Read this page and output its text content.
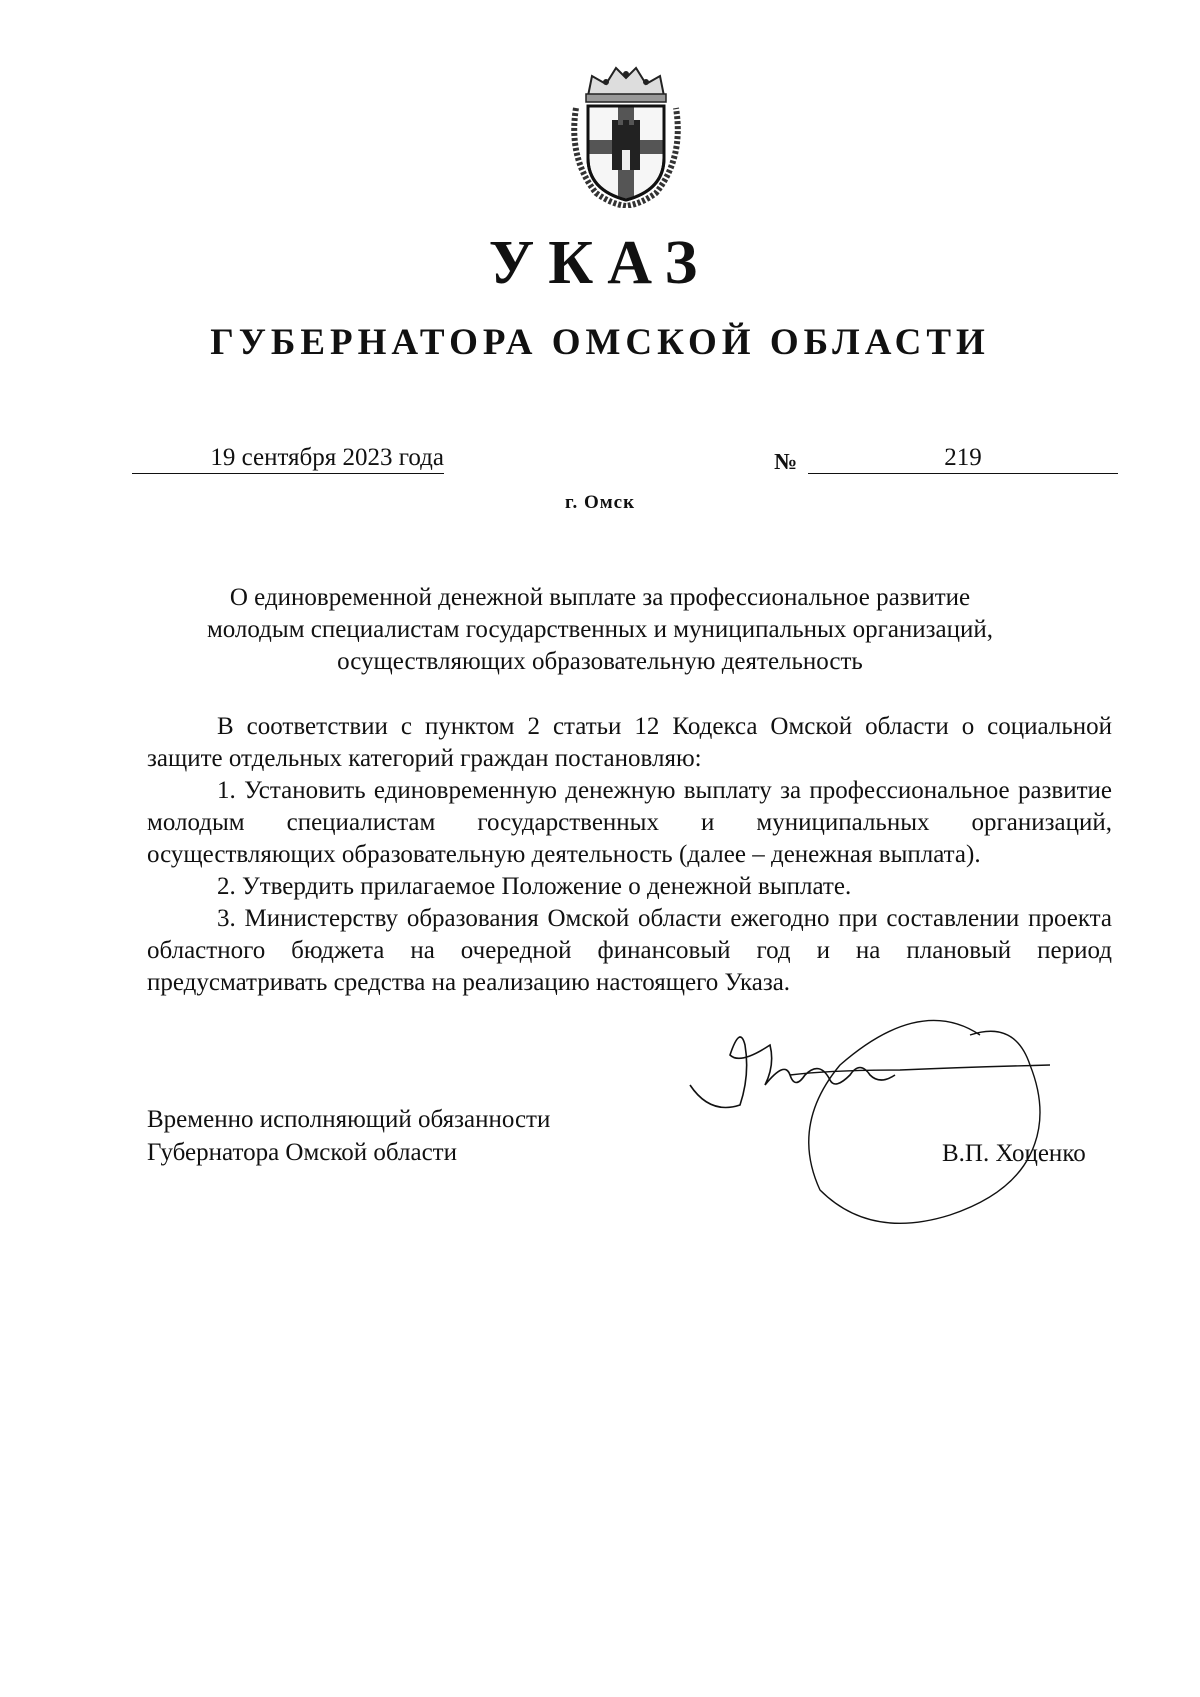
УКАЗ
ГУБЕРНАТОРА ОМСКОЙ ОБЛАСТИ
19 сентября 2023 года	№	219
г. Омск
О единовременной денежной выплате за профессиональное развитие
молодым специалистам государственных и муниципальных организаций,
осуществляющих образовательную деятельность

В соответствии с пунктом 2 статьи 12 Кодекса Омской области о социальной защите отдельных категорий граждан постановляю:

1. Установить единовременную денежную выплату за профессиональное развитие молодым специалистам государственных и муниципальных организаций, осуществляющих образовательную деятельность (далее – денежная выплата).

2. Утвердить прилагаемое Положение о денежной выплате.

3. Министерству образования Омской области ежегодно при составлении проекта областного бюджета на очередной финансовый год и на плановый период предусматривать средства на реализацию настоящего Указа.

Временно исполняющий обязанности
Губернатора Омской области	В.П. Хоценко
